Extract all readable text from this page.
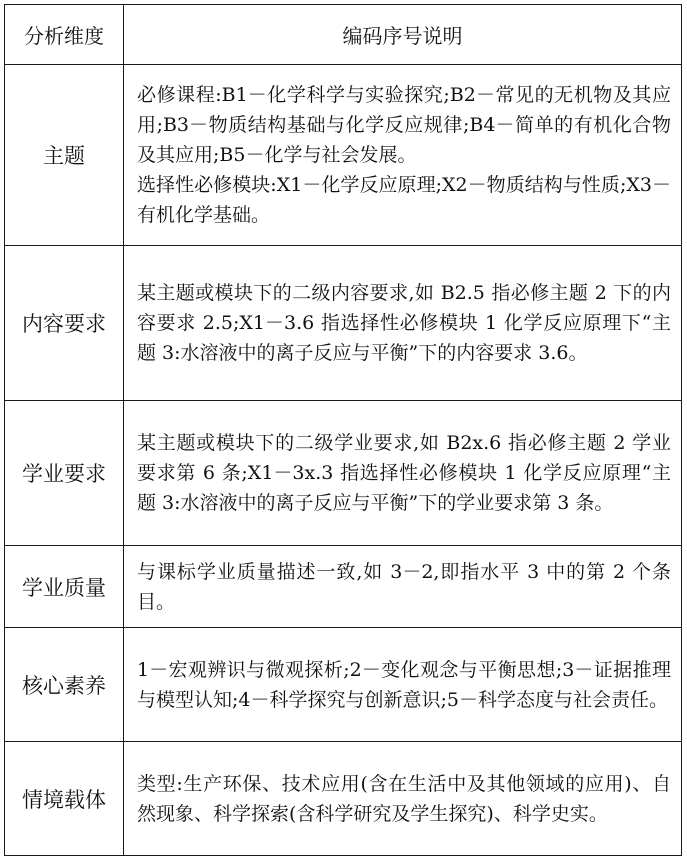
分析维度	编码序号说明
主题	必修课程:B1－化学科学与实验探究;B2－常见的无机物及其应用;B3－物质结构基础与化学反应规律;B4－简单的有机化合物及其应用;B5－化学与社会发展。

选择性必修模块:X1－化学反应原理;X2－物质结构与性质;X3－有机化学基础。

内容要求	某主题或模块下的二级内容要求,如 B2.5 指必修主题 2 下的内容要求 2.5;X1－3.6 指选择性必修模块 1 化学反应原理下“主题 3:水溶液中的离子反应与平衡”下的内容要求 3.6。

学业要求	某主题或模块下的二级学业要求,如 B2x.6 指必修主题 2 学业要求第 6 条;X1－3x.3 指选择性必修模块 1 化学反应原理“主题 3:水溶液中的离子反应与平衡”下的学业要求第 3 条。

学业质量	与课标学业质量描述一致,如 3－2,即指水平 3 中的第 2 个条目。

核心素养	1－宏观辨识与微观探析;2－变化观念与平衡思想;3－证据推理与模型认知;4－科学探究与创新意识;5－科学态度与社会责任。

情境载体	类型:生产环保、技术应用(含在生活中及其他领域的应用)、自然现象、科学探索(含科学研究及学生探究)、科学史实。
